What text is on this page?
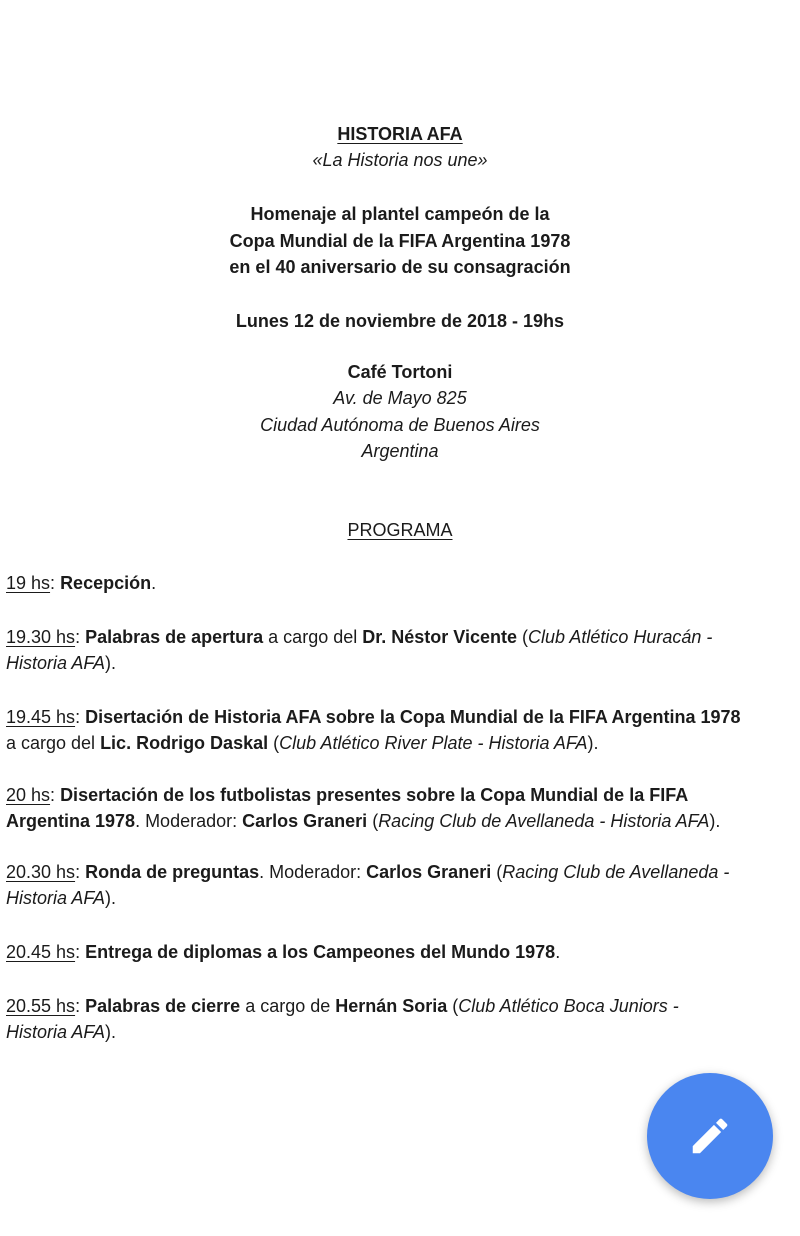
HISTORIA AFA
«La Historia nos une»
Homenaje al plantel campeón de la
Copa Mundial de la FIFA Argentina 1978
en el 40 aniversario de su consagración
Lunes 12 de noviembre de 2018 - 19hs
Café Tortoni
Av. de Mayo 825
Ciudad Autónoma de Buenos Aires
Argentina
PROGRAMA
19 hs: Recepción.
19.30 hs: Palabras de apertura a cargo del Dr. Néstor Vicente (Club Atlético Huracán -
Historia AFA).
19.45 hs: Disertación de Historia AFA sobre la Copa Mundial de la FIFA Argentina 1978
a cargo del Lic. Rodrigo Daskal (Club Atlético River Plate - Historia AFA).
20 hs: Disertación de los futbolistas presentes sobre la Copa Mundial de la FIFA
Argentina 1978. Moderador: Carlos Graneri (Racing Club de Avellaneda - Historia AFA).
20.30 hs: Ronda de preguntas. Moderador: Carlos Graneri (Racing Club de Avellaneda -
Historia AFA).
20.45 hs: Entrega de diplomas a los Campeones del Mundo 1978.
20.55 hs: Palabras de cierre a cargo de Hernán Soria (Club Atlético Boca Juniors -
Historia AFA).
